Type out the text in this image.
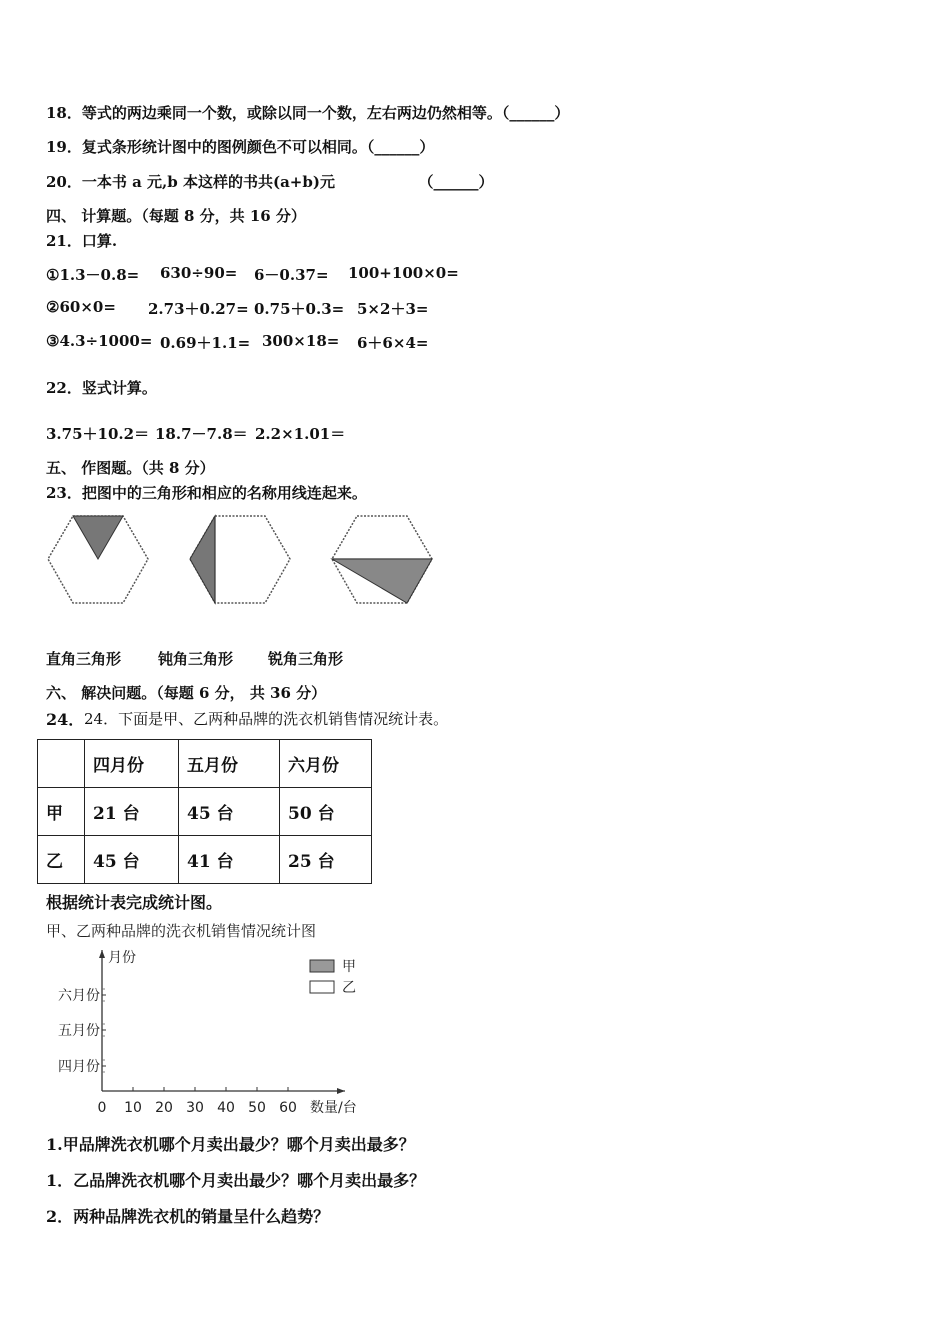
18．等式的两边乘同一个数，或除以同一个数，左右两边仍然相等。（______）
19．复式条形统计图中的图例颜色不可以相同。（______）
20．一本书 a 元,b 本这样的书共(a+b)元                （______）
四、 计算题。（每题 8 分，共 16 分）
21．口算.
①1.3－0.8= 630÷90= 6－0.37= 100+100×0=
②60×0= 2.73＋0.27= 0.75＋0.3= 5×2＋3=
③4.3÷1000= 0.69＋1.1= 300×18= 6＋6×4=
22．竖式计算。
3.75＋10.2＝ 18.7－7.8＝ 2.2×1.01＝
五、 作图题。（共 8 分）
23．把图中的三角形和相应的名称用线连起来。
直角三角形 钝角三角形 锐角三角形
六、 解决问题。（每题 6 分， 共 36 分）
24． 24．下面是甲、乙两种品牌的洗衣机销售情况统计表。
	四月份	五月份	六月份
甲	21 台	45 台	50 台
乙	45 台	41 台	25 台
根据统计表完成统计图。
甲、乙两种品牌的洗衣机销售情况统计图
月份
数量/台
0 10 20 30 40 50 60
四月份
五月份
六月份
甲
乙
1.甲品牌洗衣机哪个月卖出最少？哪个月卖出最多？
1．乙品牌洗衣机哪个月卖出最少？哪个月卖出最多？
2．两种品牌洗衣机的销量呈什么趋势？
